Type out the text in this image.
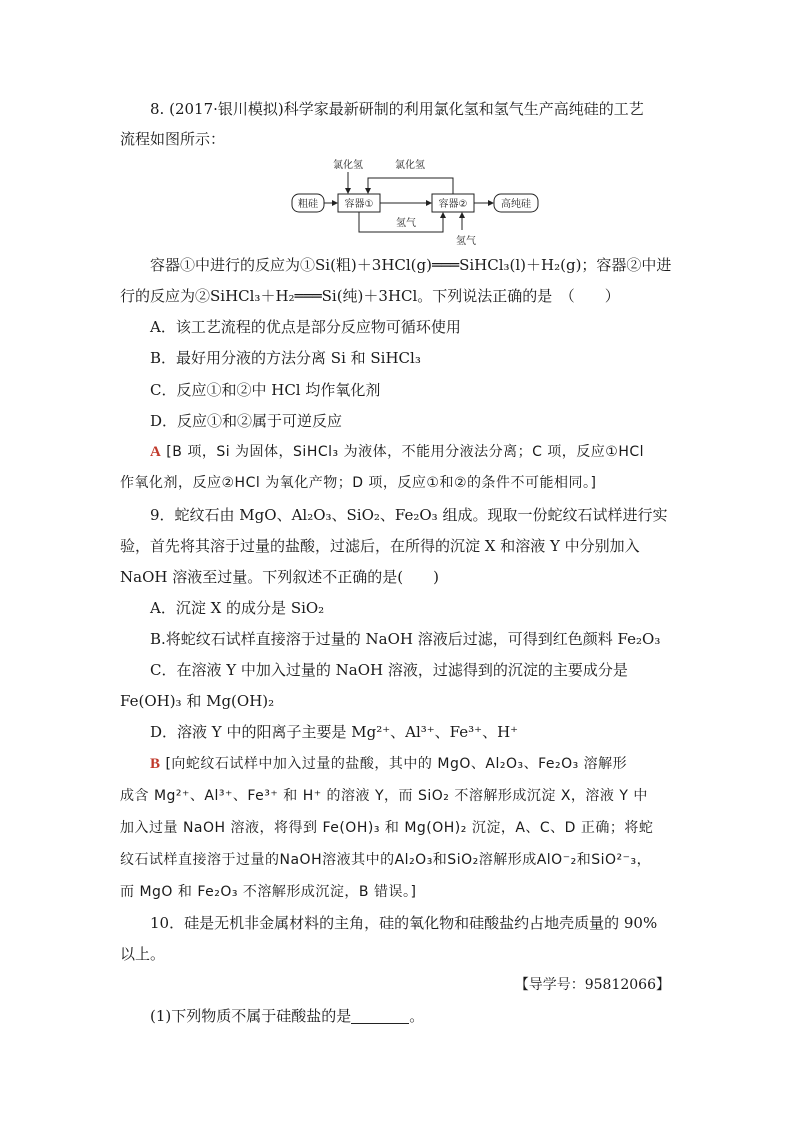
8. (2017·银川模拟)科学家最新研制的利用氯化氢和氢气生产高纯硅的工艺
流程如图所示：
粗硅	容器①	容器②	高纯硅
氯化氢	氯化氢
氢气
氢气
容器①中进行的反应为①Si(粗)＋3HCl(g)═══SiHCl₃(l)＋H₂(g)；容器②中进
行的反应为②SiHCl₃＋H₂═══Si(纯)＋3HCl。下列说法正确的是　（　　）
A．该工艺流程的优点是部分反应物可循环使用
B．最好用分液的方法分离 Si 和 SiHCl₃
C．反应①和②中 HCl 均作氧化剂
D．反应①和②属于可逆反应
A [B 项，Si 为固体，SiHCl₃ 为液体，不能用分液法分离；C 项，反应①HCl
作氧化剂，反应②HCl 为氧化产物；D 项，反应①和②的条件不可能相同。]
9．蛇纹石由 MgO、Al₂O₃、SiO₂、Fe₂O₃ 组成。现取一份蛇纹石试样进行实
验，首先将其溶于过量的盐酸，过滤后，在所得的沉淀 X 和溶液 Y 中分别加入
NaOH 溶液至过量。下列叙述不正确的是(　　)
A．沉淀 X 的成分是 SiO₂
B.将蛇纹石试样直接溶于过量的 NaOH 溶液后过滤，可得到红色颜料 Fe₂O₃
C．在溶液 Y 中加入过量的 NaOH 溶液，过滤得到的沉淀的主要成分是
Fe(OH)₃ 和 Mg(OH)₂
D．溶液 Y 中的阳离子主要是 Mg²⁺、Al³⁺、Fe³⁺、H⁺
B [向蛇纹石试样中加入过量的盐酸，其中的 MgO、Al₂O₃、Fe₂O₃ 溶解形
成含 Mg²⁺、Al³⁺、Fe³⁺ 和 H⁺ 的溶液 Y，而 SiO₂ 不溶解形成沉淀 X，溶液 Y 中
加入过量 NaOH 溶液，将得到 Fe(OH)₃ 和 Mg(OH)₂ 沉淀，A、C、D 正确；将蛇
纹石试样直接溶于过量的NaOH溶液其中的Al₂O₃和SiO₂溶解形成AlO⁻₂和SiO²⁻₃，
而 MgO 和 Fe₂O₃ 不溶解形成沉淀，B 错误。]
10．硅是无机非金属材料的主角，硅的氧化物和硅酸盐约占地壳质量的 90%
以上。
【导学号：95812066】
(1)下列物质不属于硅酸盐的是	。
